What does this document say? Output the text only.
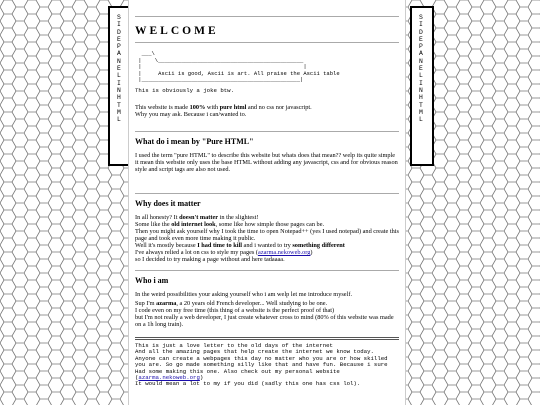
SIDE PANEL IN HTML
SIDE PANEL IN HTML
WELCOME
___\
|    \____________________________________________
|                                                 |
|     Ascii is good, Ascii is art. All praise the Ascii table
|________________________________________________|
This is obviously a joke btw.

This website is made 100% with pure html and no css nor javascript.
Why you may ask. Because i can/wanted to.

What do i mean by "Pure HTML"

I used the term "pure HTML" to describe this website but whats does that mean?? welp its quite simple it mean this website only uses the base HTML without adding any javascript, css and for obvious reason style and script tags are also not used.

Why does it matter

In all honesty? It doesn't matter in the slightest!
Some like the old internet look, some like how simple those pages can be.
Then you might ask yourself why I took the time to open Notepad++ (yes I used notepad) and create this page and took even more time making it public.
Well it's mostly because I had time to kill and i wanted to try something different
I've always relied a lot on css to style my pages (azarma.nekoweb.org)
so I decided to try making a page without and here tadaaaa.

Who i am

In the weird possibilities your asking yourself who i am welp let me introduce myself.

Sup I'm azarma, a 20 years old French developer... Well studying to be one.
I code even on my free time (this thing of a website is the perfect proof of that)
but I'm not really a web developer, I just create whatever cross to mind (80% of this website was made on a 1h long train).

This is just a love letter to the old days of the internet
And all the amazing pages that help create the internet we know today.
Anyone can create a webpages this day no matter who you are or how skilled
you are. So go made something silly like that and have fun. Because i sure
Had some making this one. Also check out my personal website (azarma.nekoweb.org)
It would mean a lot to my if you did (sadly this one has css lol).
